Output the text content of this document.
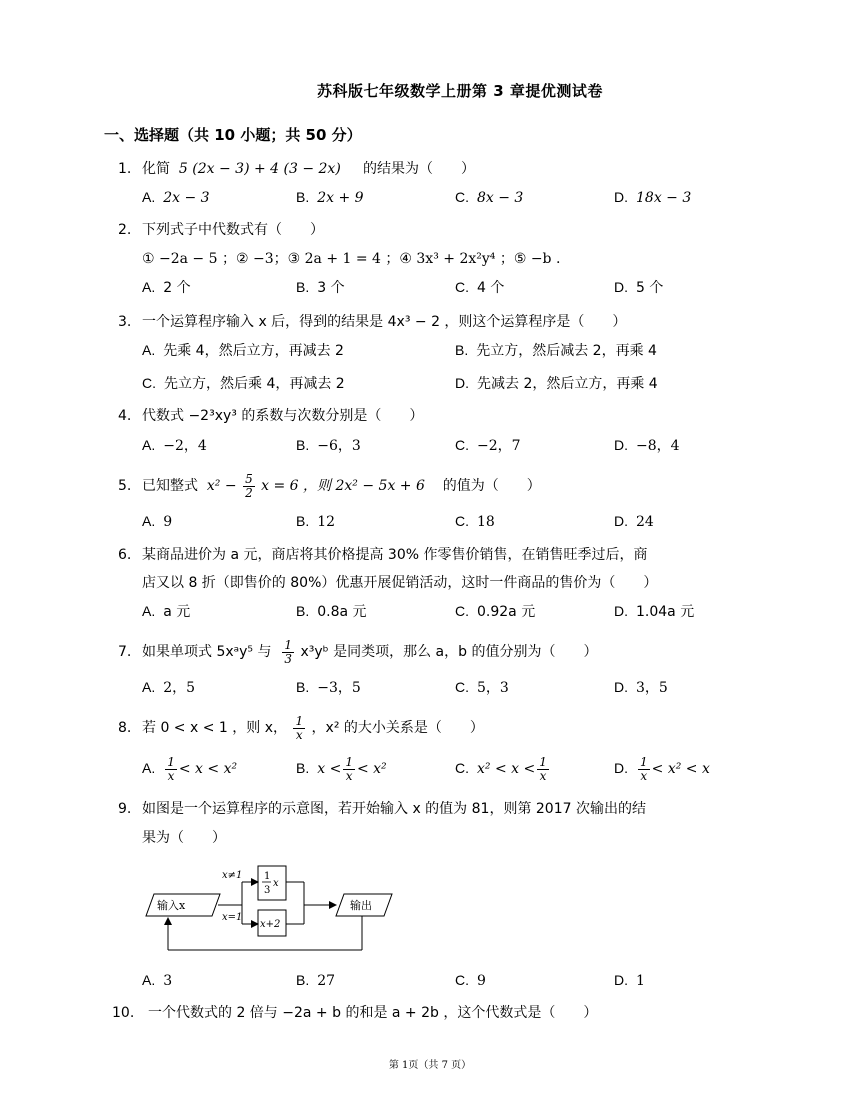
苏科版七年级数学上册第 3 章提优测试卷
一、选择题（共 10 小题；共 50 分）
1. 化简 5 (2x − 3) + 4 (3 − 2x) 的结果为（　　）
A. 2x − 3	B. 2x + 9	C. 8x − 3	D. 18x − 3
2. 下列式子中代数式有（　　）
① −2a − 5 ；② −3；③ 2a + 1 = 4 ；④ 3x³ + 2x²y⁴ ；⑤ −b .
A. 2 个	B. 3 个	C. 4 个	D. 5 个
3. 一个运算程序输入 x 后，得到的结果是 4x³ − 2 ，则这个运算程序是（　　）
A. 先乘 4，然后立方，再减去 2	B. 先立方，然后减去 2，再乘 4
C. 先立方，然后乘 4，再减去 2	D. 先减去 2，然后立方，再乘 4
4. 代数式 −2³xy³ 的系数与次数分别是（　　）
A. −2，4	B. −6，3	C. −2，7	D. −8，4
5. 已知整式 $x^2 - \frac{5}{2}$ x = 6 ，则 2x² − 5x + 6 的值为（　　）
A. 9	B. 12	C. 18	D. 24
6. 某商品进价为 a 元，商店将其价格提高 30% 作零售价销售，在销售旺季过后，商
店又以 8 折（即售价的 80%）优惠开展促销活动，这时一件商品的售价为（　　）
A. a 元	B. 0.8a 元	C. 0.92a 元	D. 1.04a 元
7. 如果单项式 5xᵃy⁵ 与 $\frac{1}{3}$ x³yᵇ 是同类项，那么 a，b 的值分别为（　　）
A. 2，5	B. −3，5	C. 5，3	D. 3，5
8. 若 0 < x < 1 ，则 x， $\frac{1}{x}$ ，x² 的大小关系是（　　）
A. $\frac{1}{x} < x < x^2$	B. $x < \frac{1}{x} < x^2$	C. $x^2 < x < \frac{1}{x}$	D. $\frac{1}{x} < x^2 < x$
9. 如图是一个运算程序的示意图，若开始输入 x 的值为 81，则第 2017 次输出的结
果为（　　）
输入x
x≠1
x=1
1
3
x
x+2
输出
A. 3	B. 27	C. 9	D. 1
10. 一个代数式的 2 倍与 −2a + b 的和是 a + 2b ，这个代数式是（　　）
第 1页（共 7 页）
